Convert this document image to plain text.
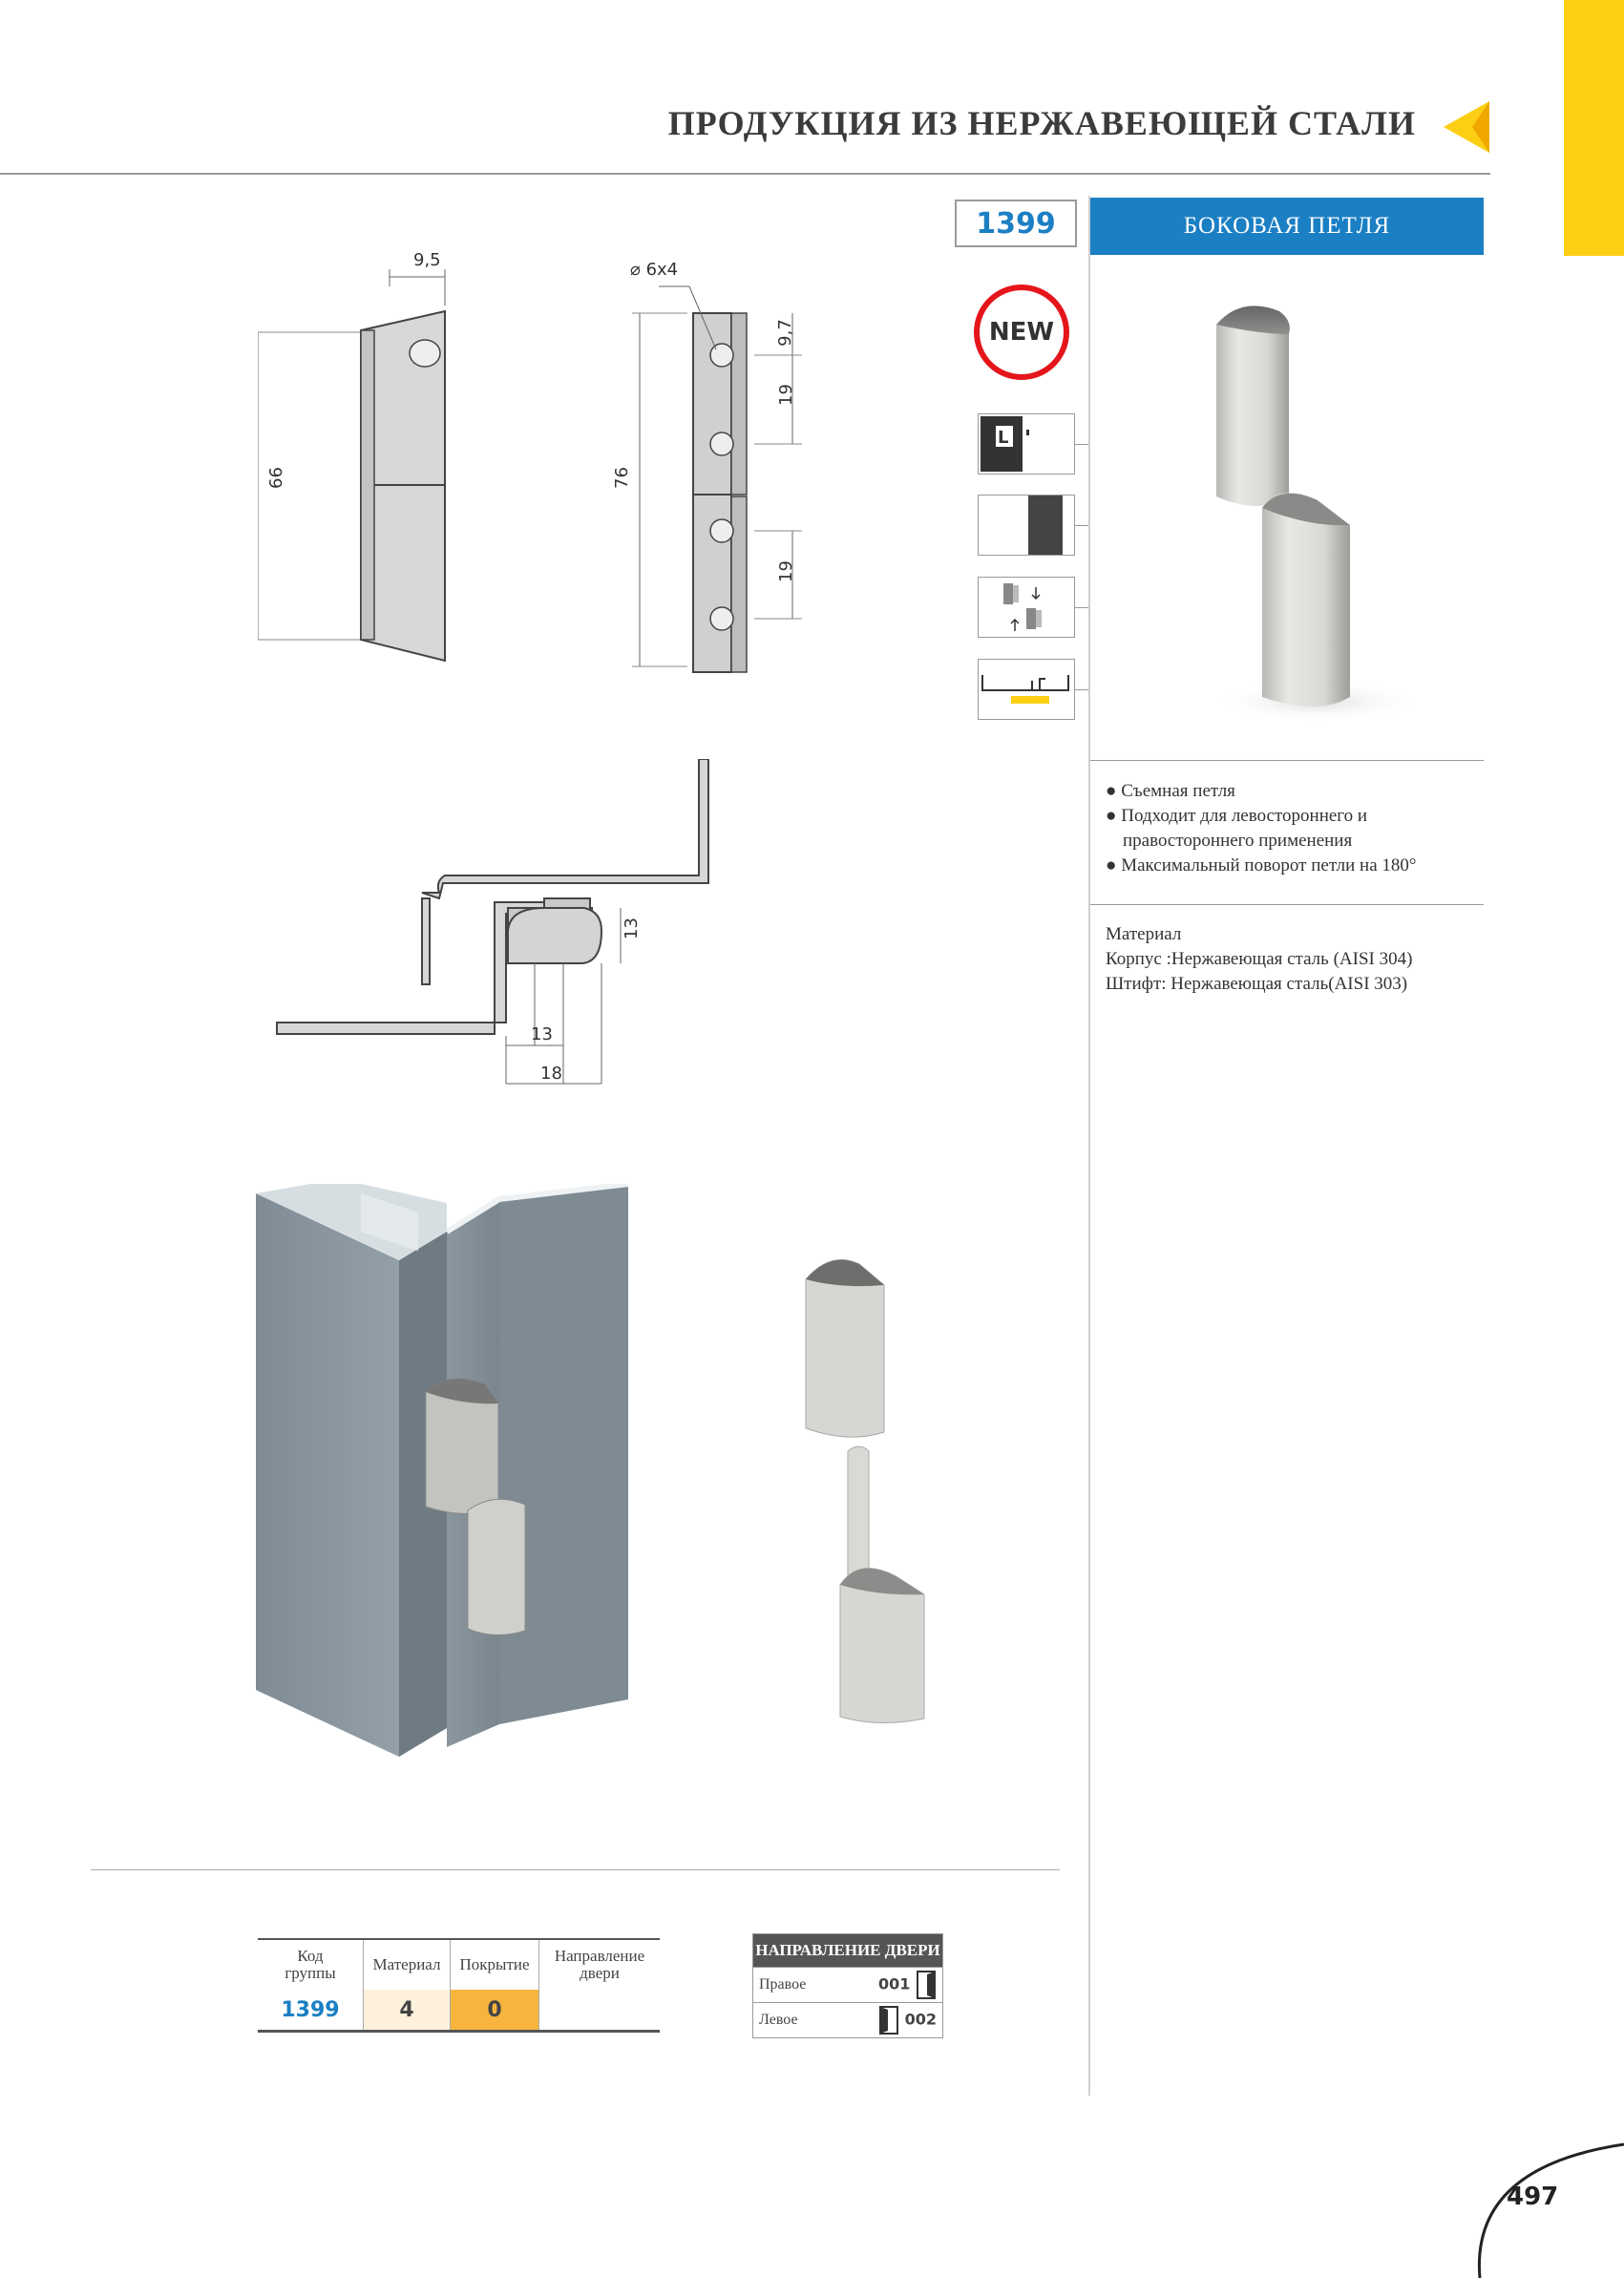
ПРОДУКЦИЯ ИЗ НЕРЖАВЕЮЩЕЙ СТАЛИ
1399	БОКОВАЯ ПЕТЛЯ
NEW
L
● Съемная петля
● Подходит для левостороннего и
правостороннего применения
● Максимальный поворот петли на 180°
Материал
Корпус :Нержавеющая сталь (AISI 304)
Штифт: Нержавеющая сталь(AISI 303)
9,5
66
⌀ 6x4
76
9,7
19
19
13
13
18
Код
группы	Материал	Покрытие	Направление
двери
1399	4	0	
НАПРАВЛЕНИЕ ДВЕРИ	
Правое	001
Левое	002
497
